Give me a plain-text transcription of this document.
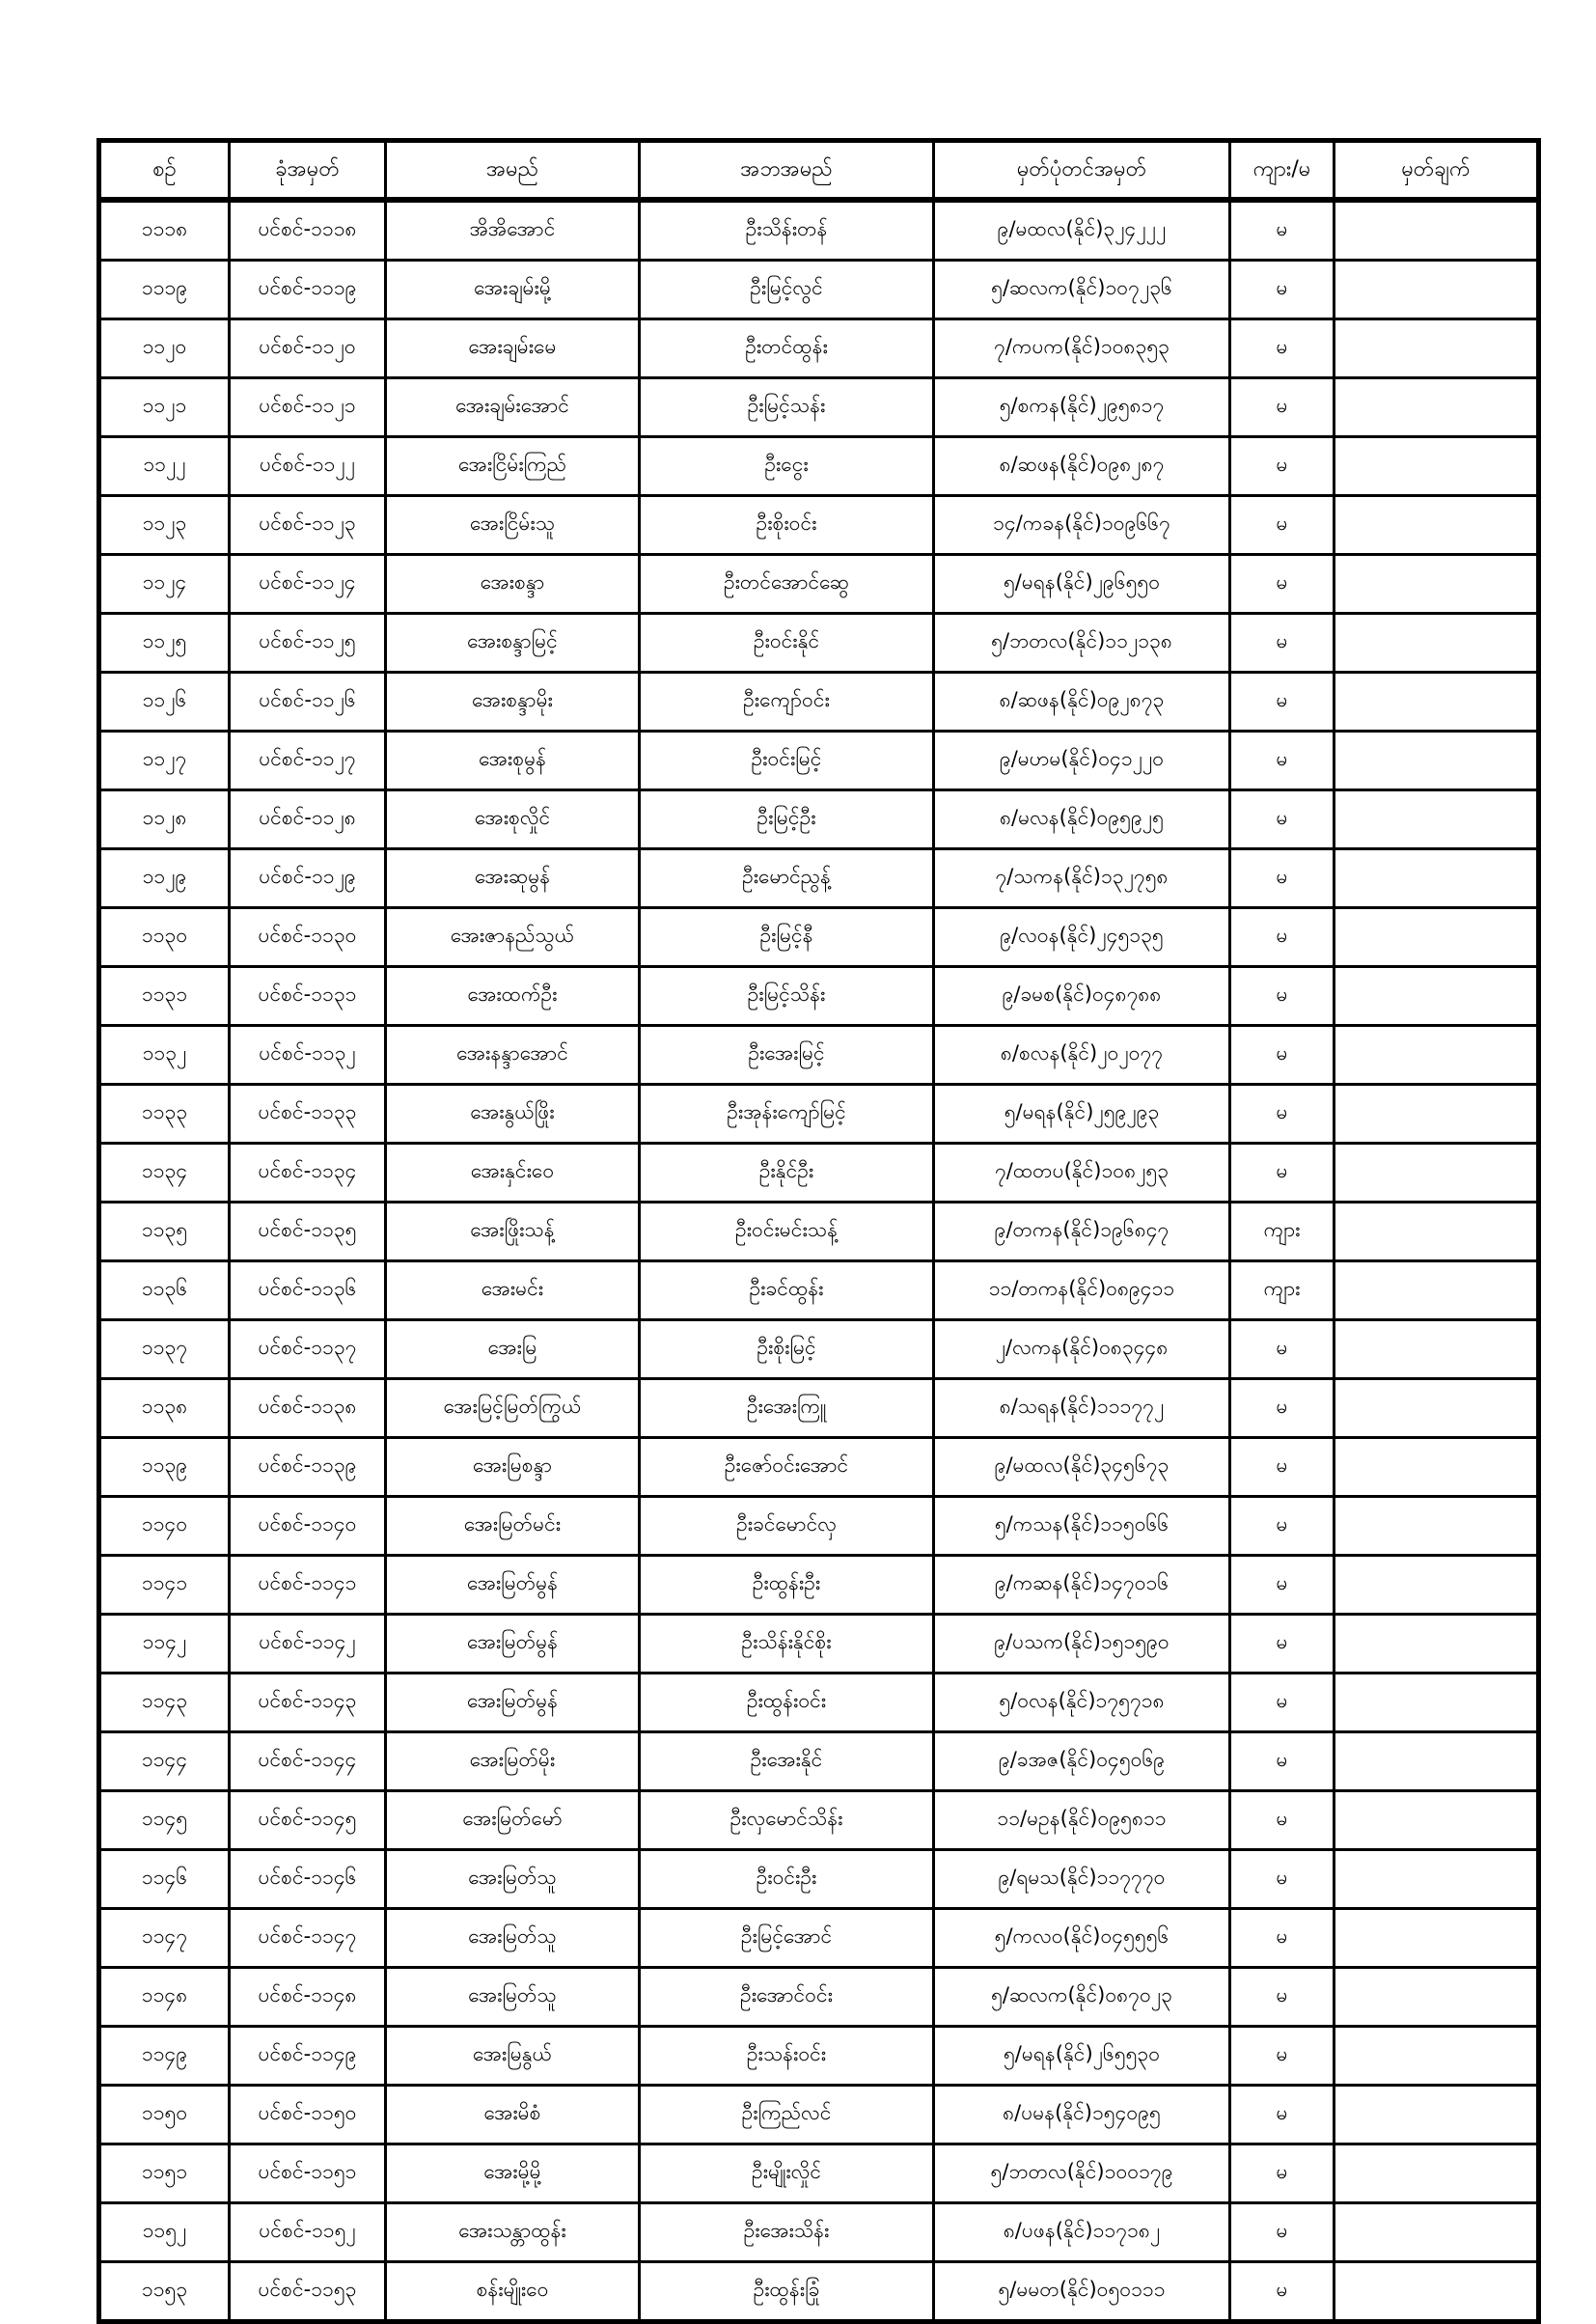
စဉ်	ခုံအမှတ်	အမည်	အဘအမည်	မှတ်ပုံတင်အမှတ်	ကျား/မ	မှတ်ချက်
၁၁၁၈	ပင်စင်-၁၁၁၈	အိအိအောင်	ဦးသိန်းတန်	၉/မထလ(နိုင်)၃၂၄၂၂၂	မ	
၁၁၁၉	ပင်စင်-၁၁၁၉	အေးချမ်းမို့	ဦးမြင့်လွင်	၅/ဆလက(နိုင်)၁၀၇၂၃၆	မ	
၁၁၂၀	ပင်စင်-၁၁၂၀	အေးချမ်းမေ	ဦးတင်ထွန်း	၇/ကပက(နိုင်)၁၀၈၃၅၃	မ	
၁၁၂၁	ပင်စင်-၁၁၂၁	အေးချမ်းအောင်	ဦးမြင့်သန်း	၅/စကန(နိုင်)၂၉၅၈၁၇	မ	
၁၁၂၂	ပင်စင်-၁၁၂၂	အေးငြိမ်းကြည်	ဦးငွေး	၈/ဆဖန(နိုင်)၀၉၈၂၈၇	မ	
၁၁၂၃	ပင်စင်-၁၁၂၃	အေးငြိမ်းသူ	ဦးစိုးဝင်း	၁၄/ကခန(နိုင်)၁၀၉၆၆၇	မ	
၁၁၂၄	ပင်စင်-၁၁၂၄	အေးစန္ဒာ	ဦးတင်အောင်ဆွေ	၅/မရန(နိုင်)၂၉၆၅၅၀	မ	
၁၁၂၅	ပင်စင်-၁၁၂၅	အေးစန္ဒာမြင့်	ဦးဝင်းနိုင်	၅/ဘတလ(နိုင်)၁၁၂၁၃၈	မ	
၁၁၂၆	ပင်စင်-၁၁၂၆	အေးစန္ဒာမိုး	ဦးကျော်ဝင်း	၈/ဆဖန(နိုင်)၀၉၂၈၇၃	မ	
၁၁၂၇	ပင်စင်-၁၁၂၇	အေးစုမွန်	ဦးဝင်းမြင့်	၉/မဟမ(နိုင်)၀၄၁၂၂၀	မ	
၁၁၂၈	ပင်စင်-၁၁၂၈	အေးစုလှိုင်	ဦးမြင့်ဦး	၈/မလန(နိုင်)၀၉၅၉၂၅	မ	
၁၁၂၉	ပင်စင်-၁၁၂၉	အေးဆုမွန်	ဦးမောင်ညွန့်	၇/သကန(နိုင်)၁၃၂၇၅၈	မ	
၁၁၃၀	ပင်စင်-၁၁၃၀	အေးဇာနည်သွယ်	ဦးမြင့်နီ	၉/လဝန(နိုင်)၂၄၅၁၃၅	မ	
၁၁၃၁	ပင်စင်-၁၁၃၁	အေးထက်ဦး	ဦးမြင့်သိန်း	၉/ခမစ(နိုင်)၀၄၈၇၈၈	မ	
၁၁၃၂	ပင်စင်-၁၁၃၂	အေးနန္ဒာအောင်	ဦးအေးမြင့်	၈/စလန(နိုင်)၂၀၂၀၇၇	မ	
၁၁၃၃	ပင်စင်-၁၁၃၃	အေးနွယ်ဖြိုး	ဦးအုန်းကျော်မြင့်	၅/မရန(နိုင်)၂၅၉၂၉၃	မ	
၁၁၃၄	ပင်စင်-၁၁၃၄	အေးနှင်းဝေ	ဦးနိုင်ဦး	၇/ထတပ(နိုင်)၁၀၈၂၅၃	မ	
၁၁၃၅	ပင်စင်-၁၁၃၅	အေးဖြိုးသန့်	ဦးဝင်းမင်းသန့်	၉/တကန(နိုင်)၁၉၆၈၄၇	ကျား	
၁၁၃၆	ပင်စင်-၁၁၃၆	အေးမင်း	ဦးခင်ထွန်း	၁၁/တကန(နိုင်)၀၈၉၄၁၁	ကျား	
၁၁၃၇	ပင်စင်-၁၁၃၇	အေးမြ	ဦးစိုးမြင့်	၂/လကန(နိုင်)၀၈၃၄၄၈	မ	
၁၁၃၈	ပင်စင်-၁၁၃၈	အေးမြင့်မြတ်ကြွယ်	ဦးအေးကြူ	၈/သရန(နိုင်)၁၁၁၇၇၂	မ	
၁၁၃၉	ပင်စင်-၁၁၃၉	အေးမြစန္ဒာ	ဦးဇော်ဝင်းအောင်	၉/မထလ(နိုင်)၃၄၅၆၇၃	မ	
၁၁၄၀	ပင်စင်-၁၁၄၀	အေးမြတ်မင်း	ဦးခင်မောင်လှ	၅/ကသန(နိုင်)၁၁၅၀၆၆	မ	
၁၁၄၁	ပင်စင်-၁၁၄၁	အေးမြတ်မွန်	ဦးထွန်းဦး	၉/ကဆန(နိုင်)၁၄၇၀၁၆	မ	
၁၁၄၂	ပင်စင်-၁၁၄၂	အေးမြတ်မွန်	ဦးသိန်းနိုင်စိုး	၉/ပသက(နိုင်)၁၅၁၅၉၀	မ	
၁၁၄၃	ပင်စင်-၁၁၄၃	အေးမြတ်မွန်	ဦးထွန်းဝင်း	၅/ဝလန(နိုင်)၁၇၅၇၁၈	မ	
၁၁၄၄	ပင်စင်-၁၁၄၄	အေးမြတ်မိုး	ဦးအေးနိုင်	၉/ခအဇ(နိုင်)၀၄၅၀၆၉	မ	
၁၁၄၅	ပင်စင်-၁၁၄၅	အေးမြတ်မော်	ဦးလှမောင်သိန်း	၁၁/မဥန(နိုင်)၀၉၅၈၁၁	မ	
၁၁၄၆	ပင်စင်-၁၁၄၆	အေးမြတ်သူ	ဦးဝင်းဦး	၉/ရမသ(နိုင်)၁၁၇၇၇၀	မ	
၁၁၄၇	ပင်စင်-၁၁၄၇	အေးမြတ်သူ	ဦးမြင့်အောင်	၅/ကလဝ(နိုင်)၀၄၅၅၅၆	မ	
၁၁၄၈	ပင်စင်-၁၁၄၈	အေးမြတ်သူ	ဦးအောင်ဝင်း	၅/ဆလက(နိုင်)၀၈၇၀၂၃	မ	
၁၁၄၉	ပင်စင်-၁၁၄၉	အေးမြနွယ်	ဦးသန်းဝင်း	၅/မရန(နိုင်)၂၆၅၅၃၀	မ	
၁၁၅၀	ပင်စင်-၁၁၅၀	အေးမိစံ	ဦးကြည်လင်	၈/ပမန(နိုင်)၁၅၄၀၉၅	မ	
၁၁၅၁	ပင်စင်-၁၁၅၁	အေးမို့မို့	ဦးမျိုးလှိုင်	၅/ဘတလ(နိုင်)၁၀၀၁၇၉	မ	
၁၁၅၂	ပင်စင်-၁၁၅၂	အေးသန္တာထွန်း	ဦးအေးသိန်း	၈/ပဖန(နိုင်)၁၁၇၁၈၂	မ	
၁၁၅၃	ပင်စင်-၁၁၅၃	စန်းမျိုးဝေ	ဦးထွန်းခြုံ	၅/မမတ(နိုင်)၀၅၀၁၁၁	မ	
